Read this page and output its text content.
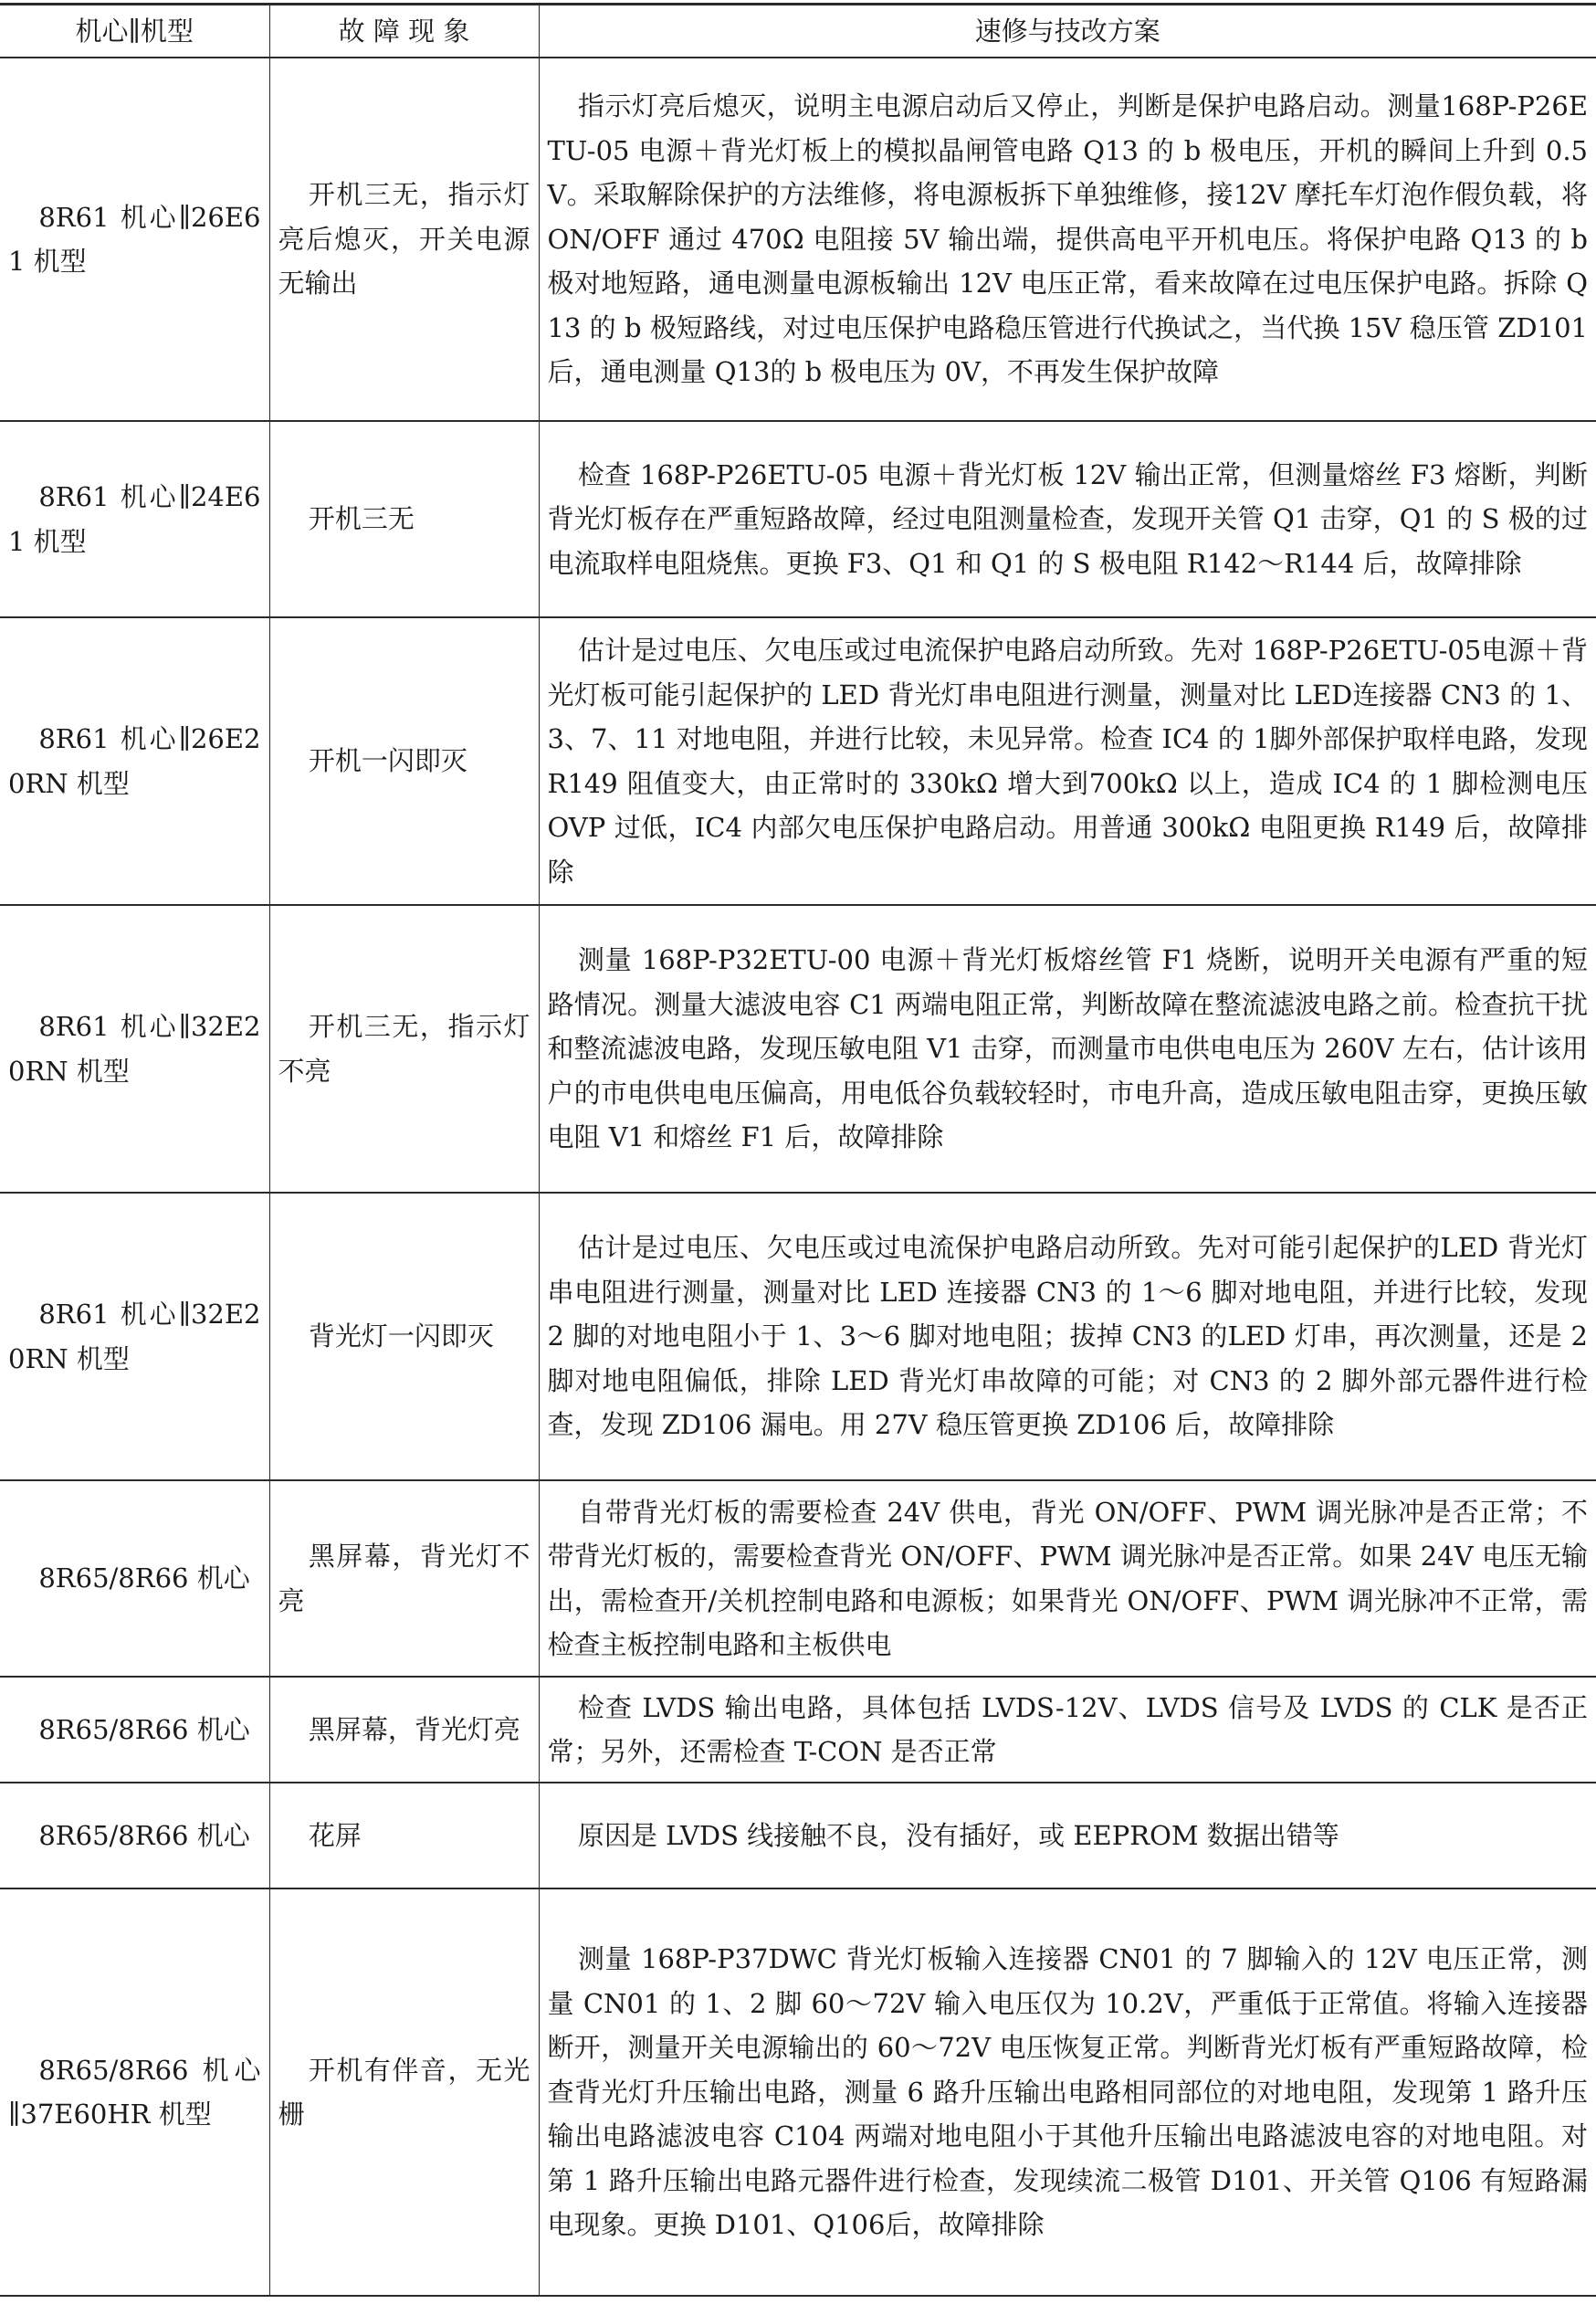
机心∥机型	故 障 现 象	速修与技改方案

8R61 机心∥26E61 机型	开机三无，指示灯亮后熄灭，开关电源无输出	指示灯亮后熄灭，说明主电源启动后又停止，判断是保护电路启动。测量168P-P26ETU-05 电源＋背光灯板上的模拟晶闸管电路 Q13 的 b 极电压，开机的瞬间上升到 0.5V。采取解除保护的方法维修，将电源板拆下单独维修，接12V 摩托车灯泡作假负载，将 ON/OFF 通过 470Ω 电阻接 5V 输出端，提供高电平开机电压。将保护电路 Q13 的 b 极对地短路，通电测量电源板输出 12V 电压正常，看来故障在过电压保护电路。拆除 Q13 的 b 极短路线，对过电压保护电路稳压管进行代换试之，当代换 15V 稳压管 ZD101 后，通电测量 Q13的 b 极电压为 0V，不再发生保护故障

8R61 机心∥24E61 机型	开机三无	检查 168P-P26ETU-05 电源＋背光灯板 12V 输出正常，但测量熔丝 F3 熔断，判断背光灯板存在严重短路故障，经过电阻测量检查，发现开关管 Q1 击穿，Q1 的 S 极的过电流取样电阻烧焦。更换 F3、Q1 和 Q1 的 S 极电阻 R142～R144 后，故障排除

8R61 机心∥26E20RN 机型	开机一闪即灭	估计是过电压、欠电压或过电流保护电路启动所致。先对 168P-P26ETU-05电源＋背光灯板可能引起保护的 LED 背光灯串电阻进行测量，测量对比 LED连接器 CN3 的 1、3、7、11 对地电阻，并进行比较，未见异常。检查 IC4 的 1脚外部保护取样电路，发现 R149 阻值变大，由正常时的 330kΩ 增大到700kΩ 以上，造成 IC4 的 1 脚检测电压 OVP 过低，IC4 内部欠电压保护电路启动。用普通 300kΩ 电阻更换 R149 后，故障排除

8R61 机心∥32E20RN 机型	开机三无，指示灯不亮	测量 168P-P32ETU-00 电源＋背光灯板熔丝管 F1 烧断，说明开关电源有严重的短路情况。测量大滤波电容 C1 两端电阻正常，判断故障在整流滤波电路之前。检查抗干扰和整流滤波电路，发现压敏电阻 V1 击穿，而测量市电供电电压为 260V 左右，估计该用户的市电供电电压偏高，用电低谷负载较轻时，市电升高，造成压敏电阻击穿，更换压敏电阻 V1 和熔丝 F1 后，故障排除

8R61 机心∥32E20RN 机型	背光灯一闪即灭	估计是过电压、欠电压或过电流保护电路启动所致。先对可能引起保护的LED 背光灯串电阻进行测量，测量对比 LED 连接器 CN3 的 1～6 脚对地电阻，并进行比较，发现 2 脚的对地电阻小于 1、3～6 脚对地电阻；拔掉 CN3 的LED 灯串，再次测量，还是 2 脚对地电阻偏低，排除 LED 背光灯串故障的可能；对 CN3 的 2 脚外部元器件进行检查，发现 ZD106 漏电。用 27V 稳压管更换 ZD106 后，故障排除

8R65/8R66 机心	黑屏幕，背光灯不亮	自带背光灯板的需要检查 24V 供电，背光 ON/OFF、PWM 调光脉冲是否正常；不带背光灯板的，需要检查背光 ON/OFF、PWM 调光脉冲是否正常。如果 24V 电压无输出，需检查开/关机控制电路和电源板；如果背光 ON/OFF、PWM 调光脉冲不正常，需检查主板控制电路和主板供电

8R65/8R66 机心	黑屏幕，背光灯亮	检查 LVDS 输出电路，具体包括 LVDS-12V、LVDS 信号及 LVDS 的 CLK 是否正常；另外，还需检查 T-CON 是否正常

8R65/8R66 机心	花屏	原因是 LVDS 线接触不良，没有插好，或 EEPROM 数据出错等

8R65/8R66 机心∥37E60HR 机型	开机有伴音，无光栅	测量 168P-P37DWC 背光灯板输入连接器 CN01 的 7 脚输入的 12V 电压正常，测量 CN01 的 1、2 脚 60～72V 输入电压仅为 10.2V，严重低于正常值。将输入连接器断开，测量开关电源输出的 60～72V 电压恢复正常。判断背光灯板有严重短路故障，检查背光灯升压输出电路，测量 6 路升压输出电路相同部位的对地电阻，发现第 1 路升压输出电路滤波电容 C104 两端对地电阻小于其他升压输出电路滤波电容的对地电阻。对第 1 路升压输出电路元器件进行检查，发现续流二极管 D101、开关管 Q106 有短路漏电现象。更换 D101、Q106后，故障排除
